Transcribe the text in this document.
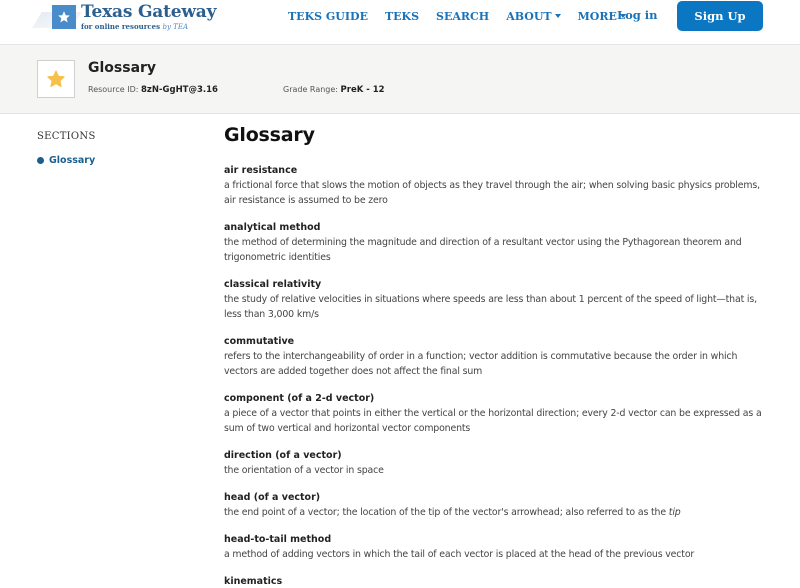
Texas Gateway
for online resources by TEA
TEKS GUIDE TEKS SEARCH ABOUT MORE Log in	Sign Up
Glossary
Resource ID: 8zN-GgHT@3.16	Grade Range: PreK - 12
SECTIONS
Glossary
Glossary
air resistance
a frictional force that slows the motion of objects as they travel through the air; when solving basic physics problems, air resistance is assumed to be zero
analytical method
the method of determining the magnitude and direction of a resultant vector using the Pythagorean theorem and trigonometric identities
classical relativity
the study of relative velocities in situations where speeds are less than about 1 percent of the speed of light—that is, less than 3,000 km/s
commutative
refers to the interchangeability of order in a function; vector addition is commutative because the order in which vectors are added together does not affect the final sum
component (of a 2-d vector)
a piece of a vector that points in either the vertical or the horizontal direction; every 2-d vector can be expressed as a sum of two vertical and horizontal vector components
direction (of a vector)
the orientation of a vector in space
head (of a vector)
the end point of a vector; the location of the tip of the vector's arrowhead; also referred to as the tip
head-to-tail method
a method of adding vectors in which the tail of each vector is placed at the head of the previous vector
kinematics
